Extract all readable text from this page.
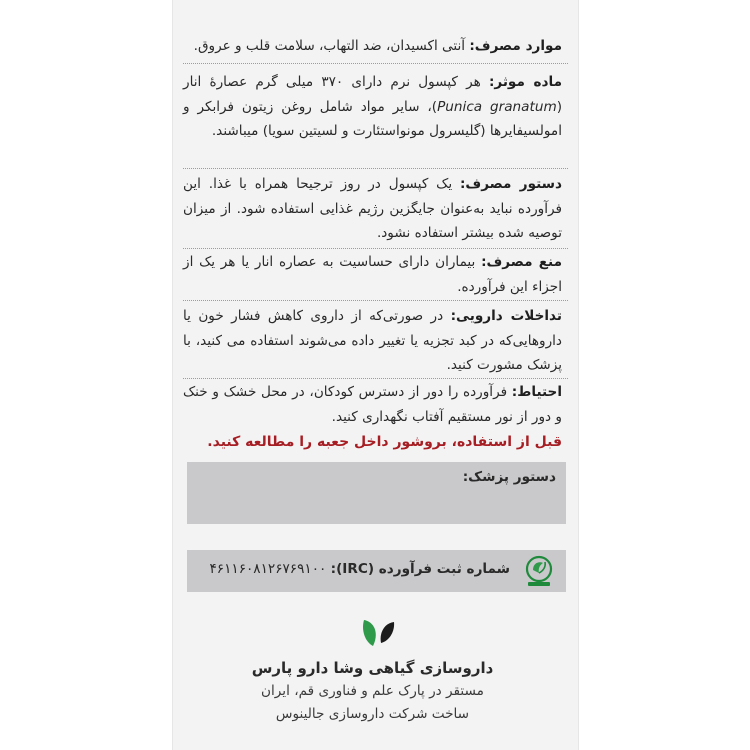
موارد مصرف: آنتی اکسیدان، ضد التهاب، سلامت قلب و عروق.
ماده موثر: هر کپسول نرم دارای ۳۷۰ میلی گرم عصارهٔ انار (Punica granatum)، سایر مواد شامل روغن زیتون فرابکر و امولسیفایرها (گلیسرول مونواستئارت و لسیتین سویا) میباشند.
دستور مصرف: یک کپسول در روز ترجیحا همراه با غذا. این فرآورده نباید به‌عنوان جایگزین رژیم غذایی استفاده شود. از میزان توصیه شده بیشتر استفاده نشود.
منع مصرف: بیماران دارای حساسیت به عصاره انار یا هر یک از اجزاء این فرآورده.
تداخلات دارویی: در صورتی‌که از داروی کاهش فشار خون یا داروهایی‌که در کبد تجزیه یا تغییر داده می‌شوند استفاده می کنید، با پزشک مشورت کنید.
احتیاط: فرآورده را دور از دسترس کودکان، در محل خشک و خنک و دور از نور مستقیم آفتاب نگهداری کنید.
قبل از استفاده، بروشور داخل جعبه را مطالعه کنید.
دستور پزشک:
شماره ثبت فرآورده (IRC): ۴۶۱۱۶۰۸۱۲۶۷۶۹۱۰۰
داروسازی گیاهی وشا دارو پارس
مستقر در پارک علم و فناوری قم، ایران
ساخت شرکت داروسازی جالینوس
